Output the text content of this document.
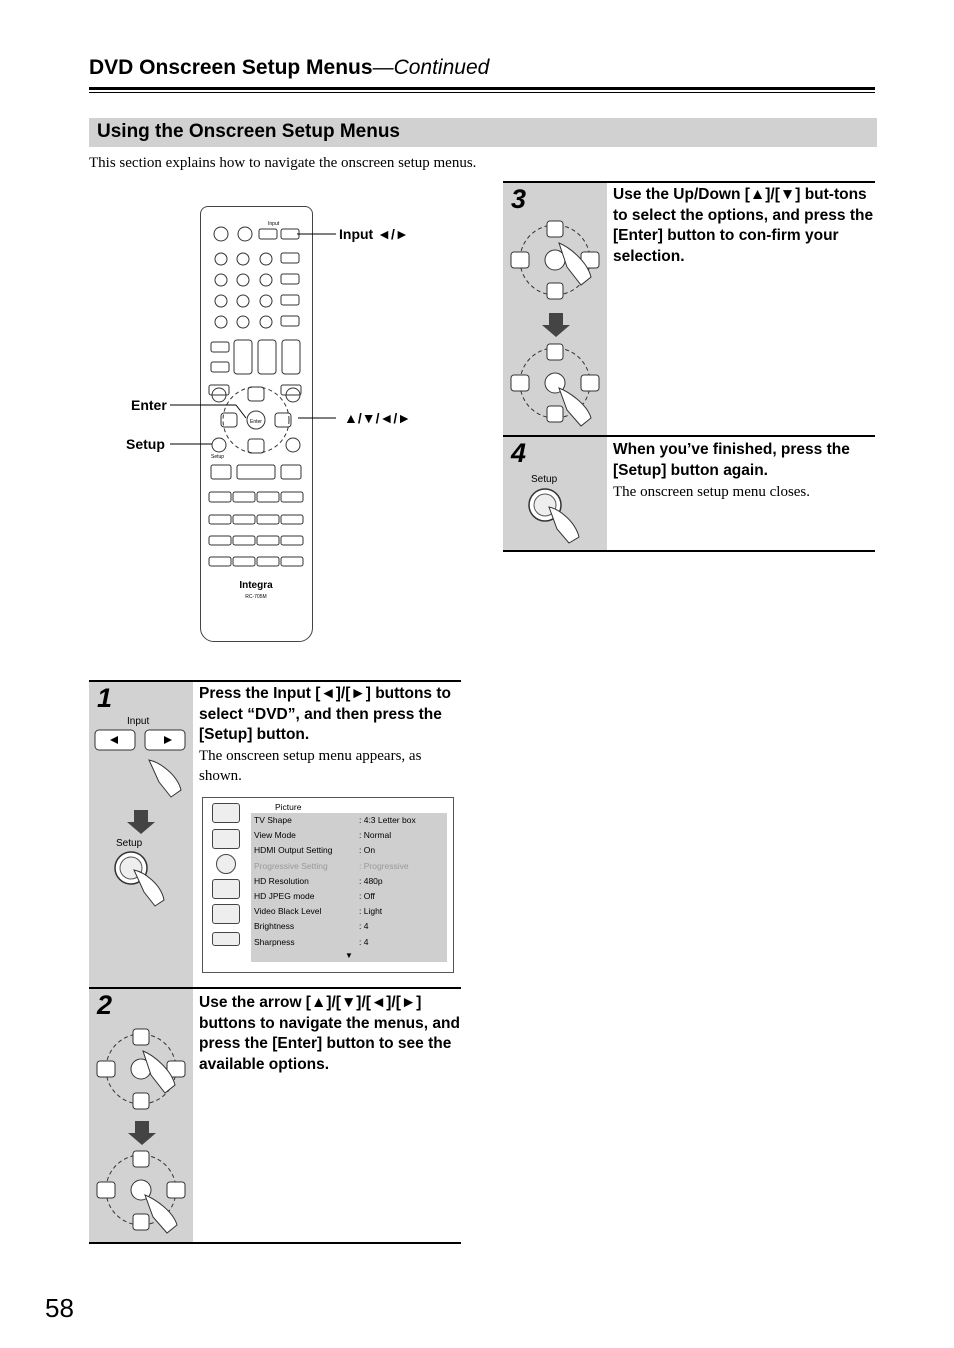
DVD Onscreen Setup Menus—Continued
Using the Onscreen Setup Menus
This section explains how to navigate the onscreen setup menus.
Enter
Input
Setup
Integra
RC-705M
Input ◄/►
Enter
Setup
▲/▼/◄/►
Input
Setup
1	Press the Input [◄]/[►] buttons to select “DVD”, and then press the [Setup] button.
The onscreen setup menu appears, as shown.
Picture
▼
TV Shape	: 4:3 Letter box
View Mode	: Normal
HDMI Output Setting	: On
Progressive Setting	: Progressive
HD Resolution	: 480p
HD JPEG mode	: Off
Video Black Level	: Light
Brightness	: 4
Sharpness	: 4
2	Use the arrow [▲]/[▼]/[◄]/[►] buttons to navigate the menus, and press the [Enter] button to see the available options.
3	Use the Up/Down [▲]/[▼] but-tons to select the options, and press the [Enter] button to con-firm your selection.
Setup
4	When you’ve finished, press the [Setup] button again.
The onscreen setup menu closes.
58
